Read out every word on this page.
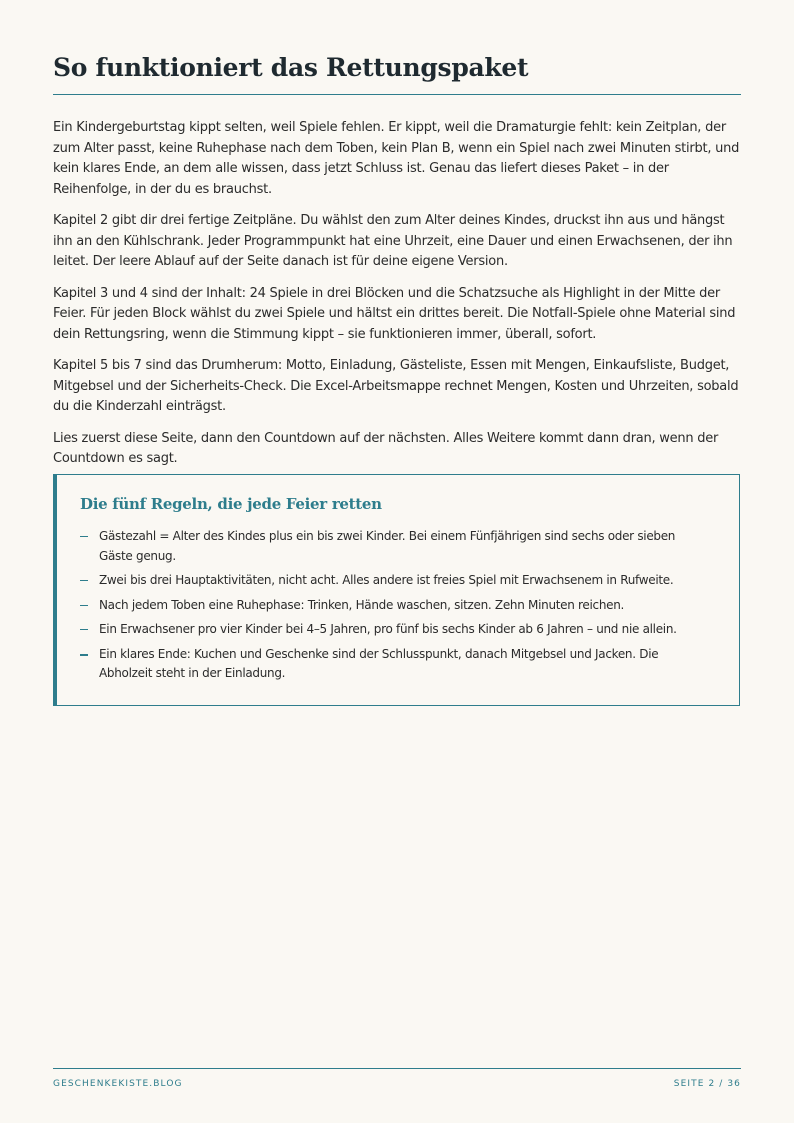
So funktioniert das Rettungspaket

Ein Kindergeburtstag kippt selten, weil Spiele fehlen. Er kippt, weil die Dramaturgie fehlt: kein Zeitplan, der zum Alter passt, keine Ruhephase nach dem Toben, kein Plan B, wenn ein Spiel nach zwei Minuten stirbt, und kein klares Ende, an dem alle wissen, dass jetzt Schluss ist. Genau das liefert dieses Paket – in der Reihenfolge, in der du es brauchst.

Kapitel 2 gibt dir drei fertige Zeitpläne. Du wählst den zum Alter deines Kindes, druckst ihn aus und hängst ihn an den Kühlschrank. Jeder Programmpunkt hat eine Uhrzeit, eine Dauer und einen Erwachsenen, der ihn leitet. Der leere Ablauf auf der Seite danach ist für deine eigene Version.

Kapitel 3 und 4 sind der Inhalt: 24 Spiele in drei Blöcken und die Schatzsuche als Highlight in der Mitte der Feier. Für jeden Block wählst du zwei Spiele und hältst ein drittes bereit. Die Notfall-Spiele ohne Material sind dein Rettungsring, wenn die Stimmung kippt – sie funktionieren immer, überall, sofort.

Kapitel 5 bis 7 sind das Drumherum: Motto, Einladung, Gästeliste, Essen mit Mengen, Einkaufsliste, Budget, Mitgebsel und der Sicherheits-Check. Die Excel-Arbeitsmappe rechnet Mengen, Kosten und Uhrzeiten, sobald du die Kinderzahl einträgst.

Lies zuerst diese Seite, dann den Countdown auf der nächsten. Alles Weitere kommt dann dran, wenn der Countdown es sagt.

Die fünf Regeln, die jede Feier retten
Gästezahl = Alter des Kindes plus ein bis zwei Kinder. Bei einem Fünfjährigen sind sechs oder sieben Gäste genug.
Zwei bis drei Hauptaktivitäten, nicht acht. Alles andere ist freies Spiel mit Erwachsenem in Rufweite.
Nach jedem Toben eine Ruhephase: Trinken, Hände waschen, sitzen. Zehn Minuten reichen.
Ein Erwachsener pro vier Kinder bei 4–5 Jahren, pro fünf bis sechs Kinder ab 6 Jahren – und nie allein.
Ein klares Ende: Kuchen und Geschenke sind der Schlusspunkt, danach Mitgebsel und Jacken. Die Abholzeit steht in der Einladung.
GESCHENKEKISTE.BLOG	SEITE 2 / 36
